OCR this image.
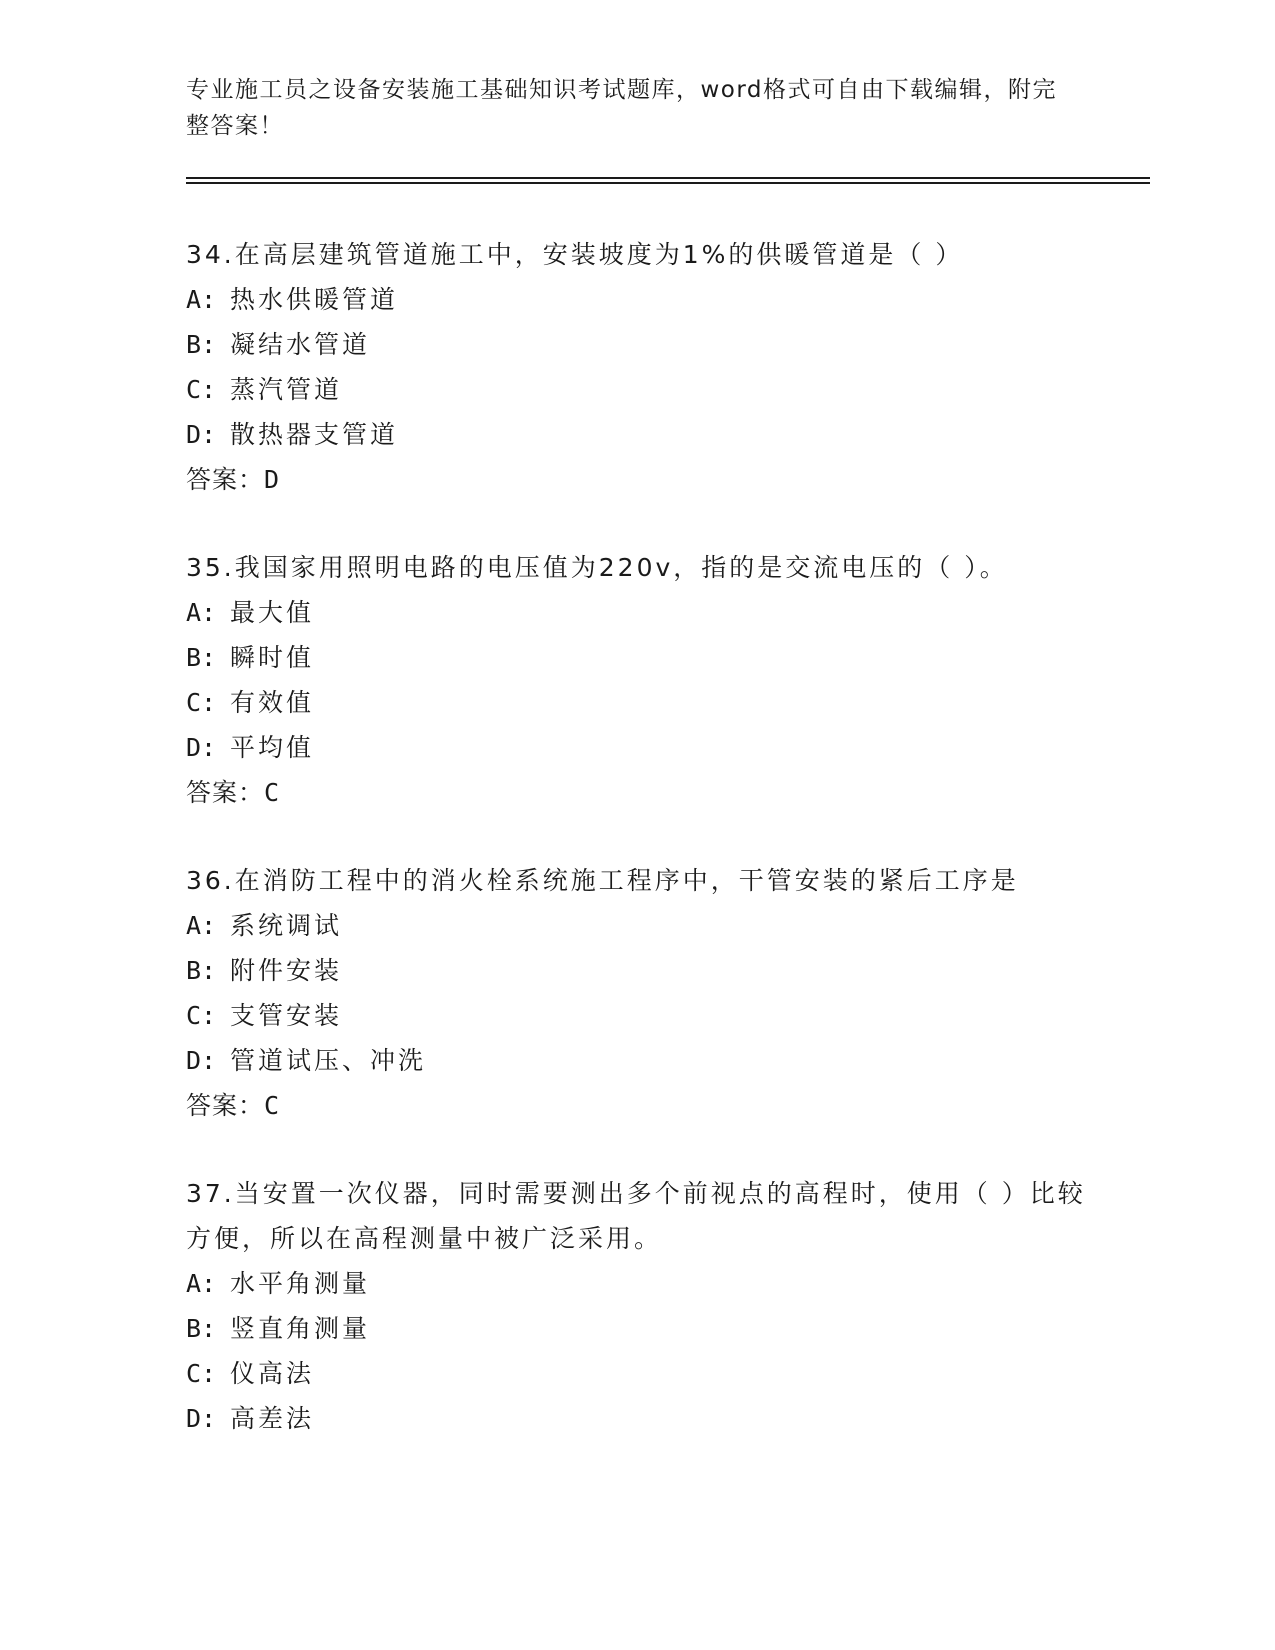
专业施工员之设备安装施工基础知识考试题库，word格式可自由下载编辑，附完整答案！

34.在高层建筑管道施工中，安装坡度为1%的供暖管道是（ ）

A: 热水供暖管道

B: 凝结水管道

C: 蒸汽管道

D: 散热器支管道

答案：D

35.我国家用照明电路的电压值为220v，指的是交流电压的（ ）。

A: 最大值

B: 瞬时值

C: 有效值

D: 平均值

答案：C

36.在消防工程中的消火栓系统施工程序中，干管安装的紧后工序是

A: 系统调试

B: 附件安装

C: 支管安装

D: 管道试压、冲洗

答案：C

37.当安置一次仪器，同时需要测出多个前视点的高程时，使用（ ）比较方便，所以在高程测量中被广泛采用。

A: 水平角测量

B: 竖直角测量

C: 仪高法

D: 高差法
